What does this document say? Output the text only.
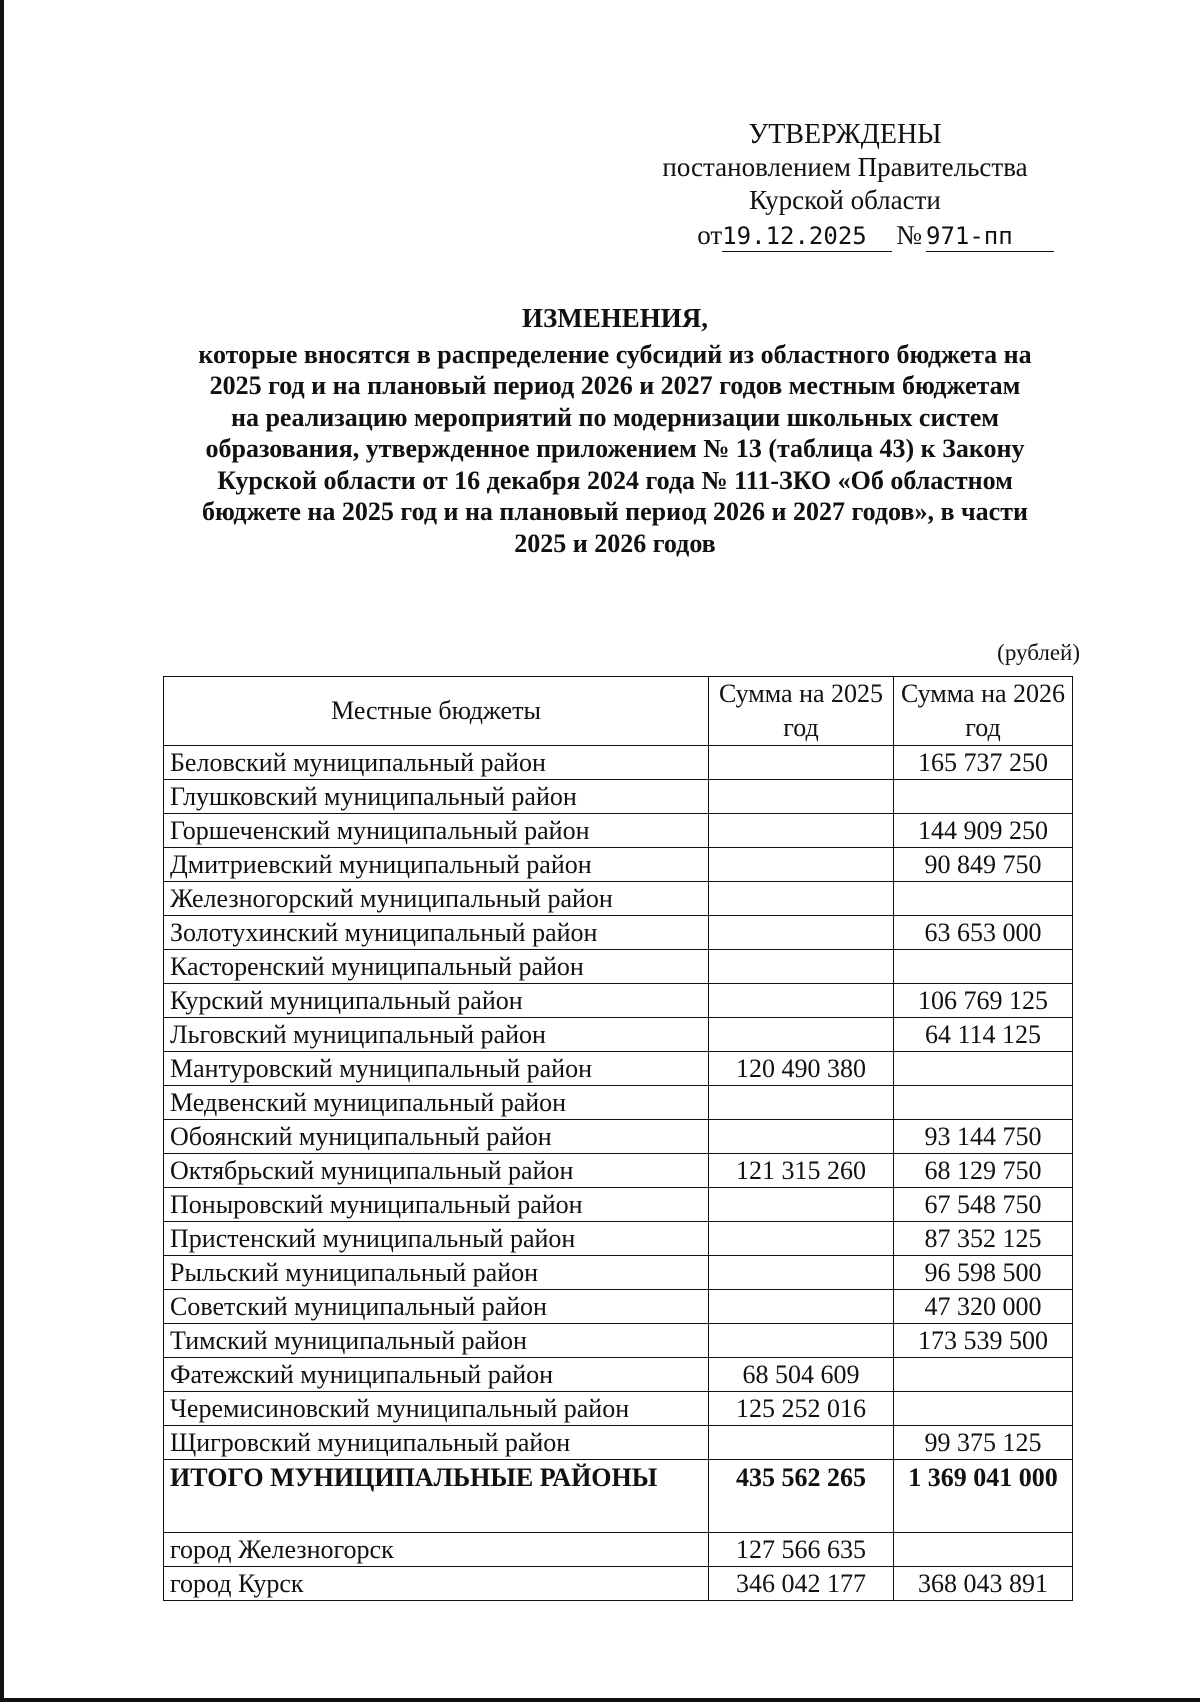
УТВЕРЖДЕНЫ
постановлением Правительства
Курской области
от 19.12.2025	№ 971-пп
ИЗМЕНЕНИЯ,
которые вносятся в распределение субсидий из областного бюджета на
2025 год и на плановый период 2026 и 2027 годов местным бюджетам
на реализацию мероприятий по модернизации школьных систем
образования, утвержденное приложением № 13 (таблица 43) к Закону
Курской области от 16 декабря 2024 года № 111-ЗКО «Об областном
бюджете на 2025 год и на плановый период 2026 и 2027 годов», в части
2025 и 2026 годов
(рублей)
Местные бюджеты	Сумма на 2025 год	Сумма на 2026 год
Беловский муниципальный район		165 737 250
Глушковский муниципальный район		
Горшеченский муниципальный район		144 909 250
Дмитриевский муниципальный район		90 849 750
Железногорский муниципальный район		
Золотухинский муниципальный район		63 653 000
Касторенский муниципальный район		
Курский муниципальный район		106 769 125
Льговский муниципальный район		64 114 125
Мантуровский муниципальный район	120 490 380	
Медвенский муниципальный район		
Обоянский муниципальный район		93 144 750
Октябрьский муниципальный район	121 315 260	68 129 750
Поныровский муниципальный район		67 548 750
Пристенский муниципальный район		87 352 125
Рыльский муниципальный район		96 598 500
Советский муниципальный район		47 320 000
Тимский муниципальный район		173 539 500
Фатежский муниципальный район	68 504 609	
Черемисиновский муниципальный район	125 252 016	
Щигровский муниципальный район		99 375 125
ИТОГО МУНИЦИПАЛЬНЫЕ РАЙОНЫ	435 562 265	1 369 041 000
город Железногорск	127 566 635	
город Курск	346 042 177	368 043 891
